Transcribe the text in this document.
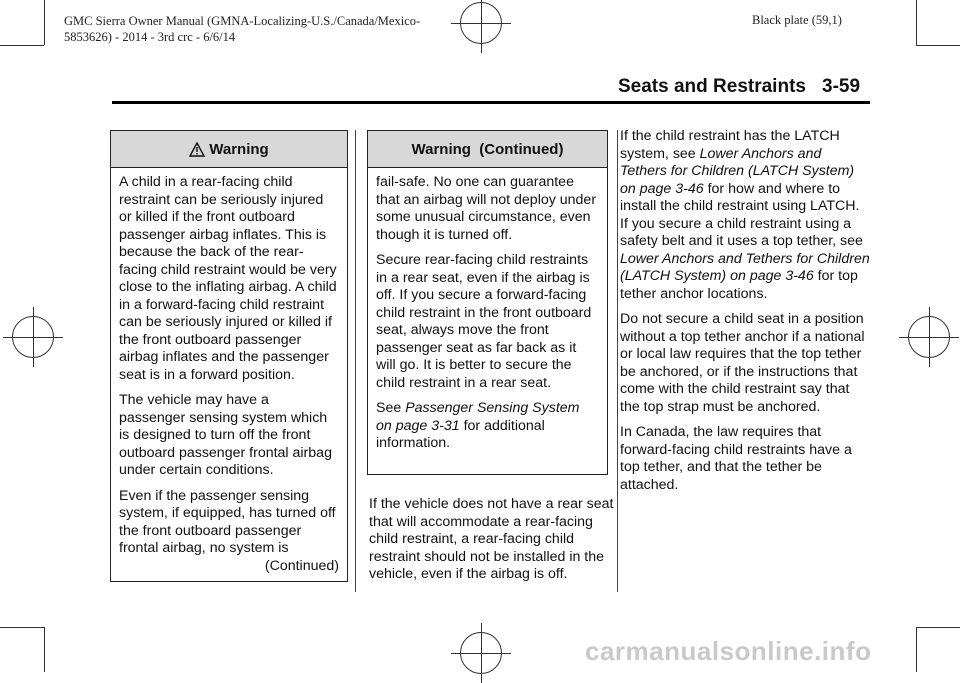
GMC Sierra Owner Manual (GMNA-Localizing-U.S./Canada/Mexico-
5853626) - 2014 - 3rd crc - 6/6/14
Black plate (59,1)
Seats and Restraints 3-59
Warning

A child in a rear-facing child restraint can be seriously injured or killed if the front outboard passenger airbag inflates. This is because the back of the rear-facing child restraint would be very close to the inflating airbag. A child in a forward-facing child restraint can be seriously injured or killed if the front outboard passenger airbag inflates and the passenger seat is in a forward position.

The vehicle may have a passenger sensing system which is designed to turn off the front outboard passenger frontal airbag under certain conditions.

Even if the passenger sensing system, if equipped, has turned off the front outboard passenger frontal airbag, no system is

(Continued)
Warning  (Continued)

fail-safe. No one can guarantee that an airbag will not deploy under some unusual circumstance, even though it is turned off.

Secure rear-facing child restraints in a rear seat, even if the airbag is off. If you secure a forward-facing child restraint in the front outboard seat, always move the front passenger seat as far back as it will go. It is better to secure the child restraint in a rear seat.

See Passenger Sensing System on page 3-31 for additional information.

If the vehicle does not have a rear seat that will accommodate a rear-facing child restraint, a rear-facing child restraint should not be installed in the vehicle, even if the airbag is off.

If the child restraint has the LATCH system, see Lower Anchors and Tethers for Children (LATCH System) on page 3-46 for how and where to install the child restraint using LATCH. If you secure a child restraint using a safety belt and it uses a top tether, see Lower Anchors and Tethers for Children (LATCH System) on page 3-46 for top tether anchor locations.

Do not secure a child seat in a position without a top tether anchor if a national or local law requires that the top tether be anchored, or if the instructions that come with the child restraint say that the top strap must be anchored.

In Canada, the law requires that forward-facing child restraints have a top tether, and that the tether be attached.

carmanualsonline.info
